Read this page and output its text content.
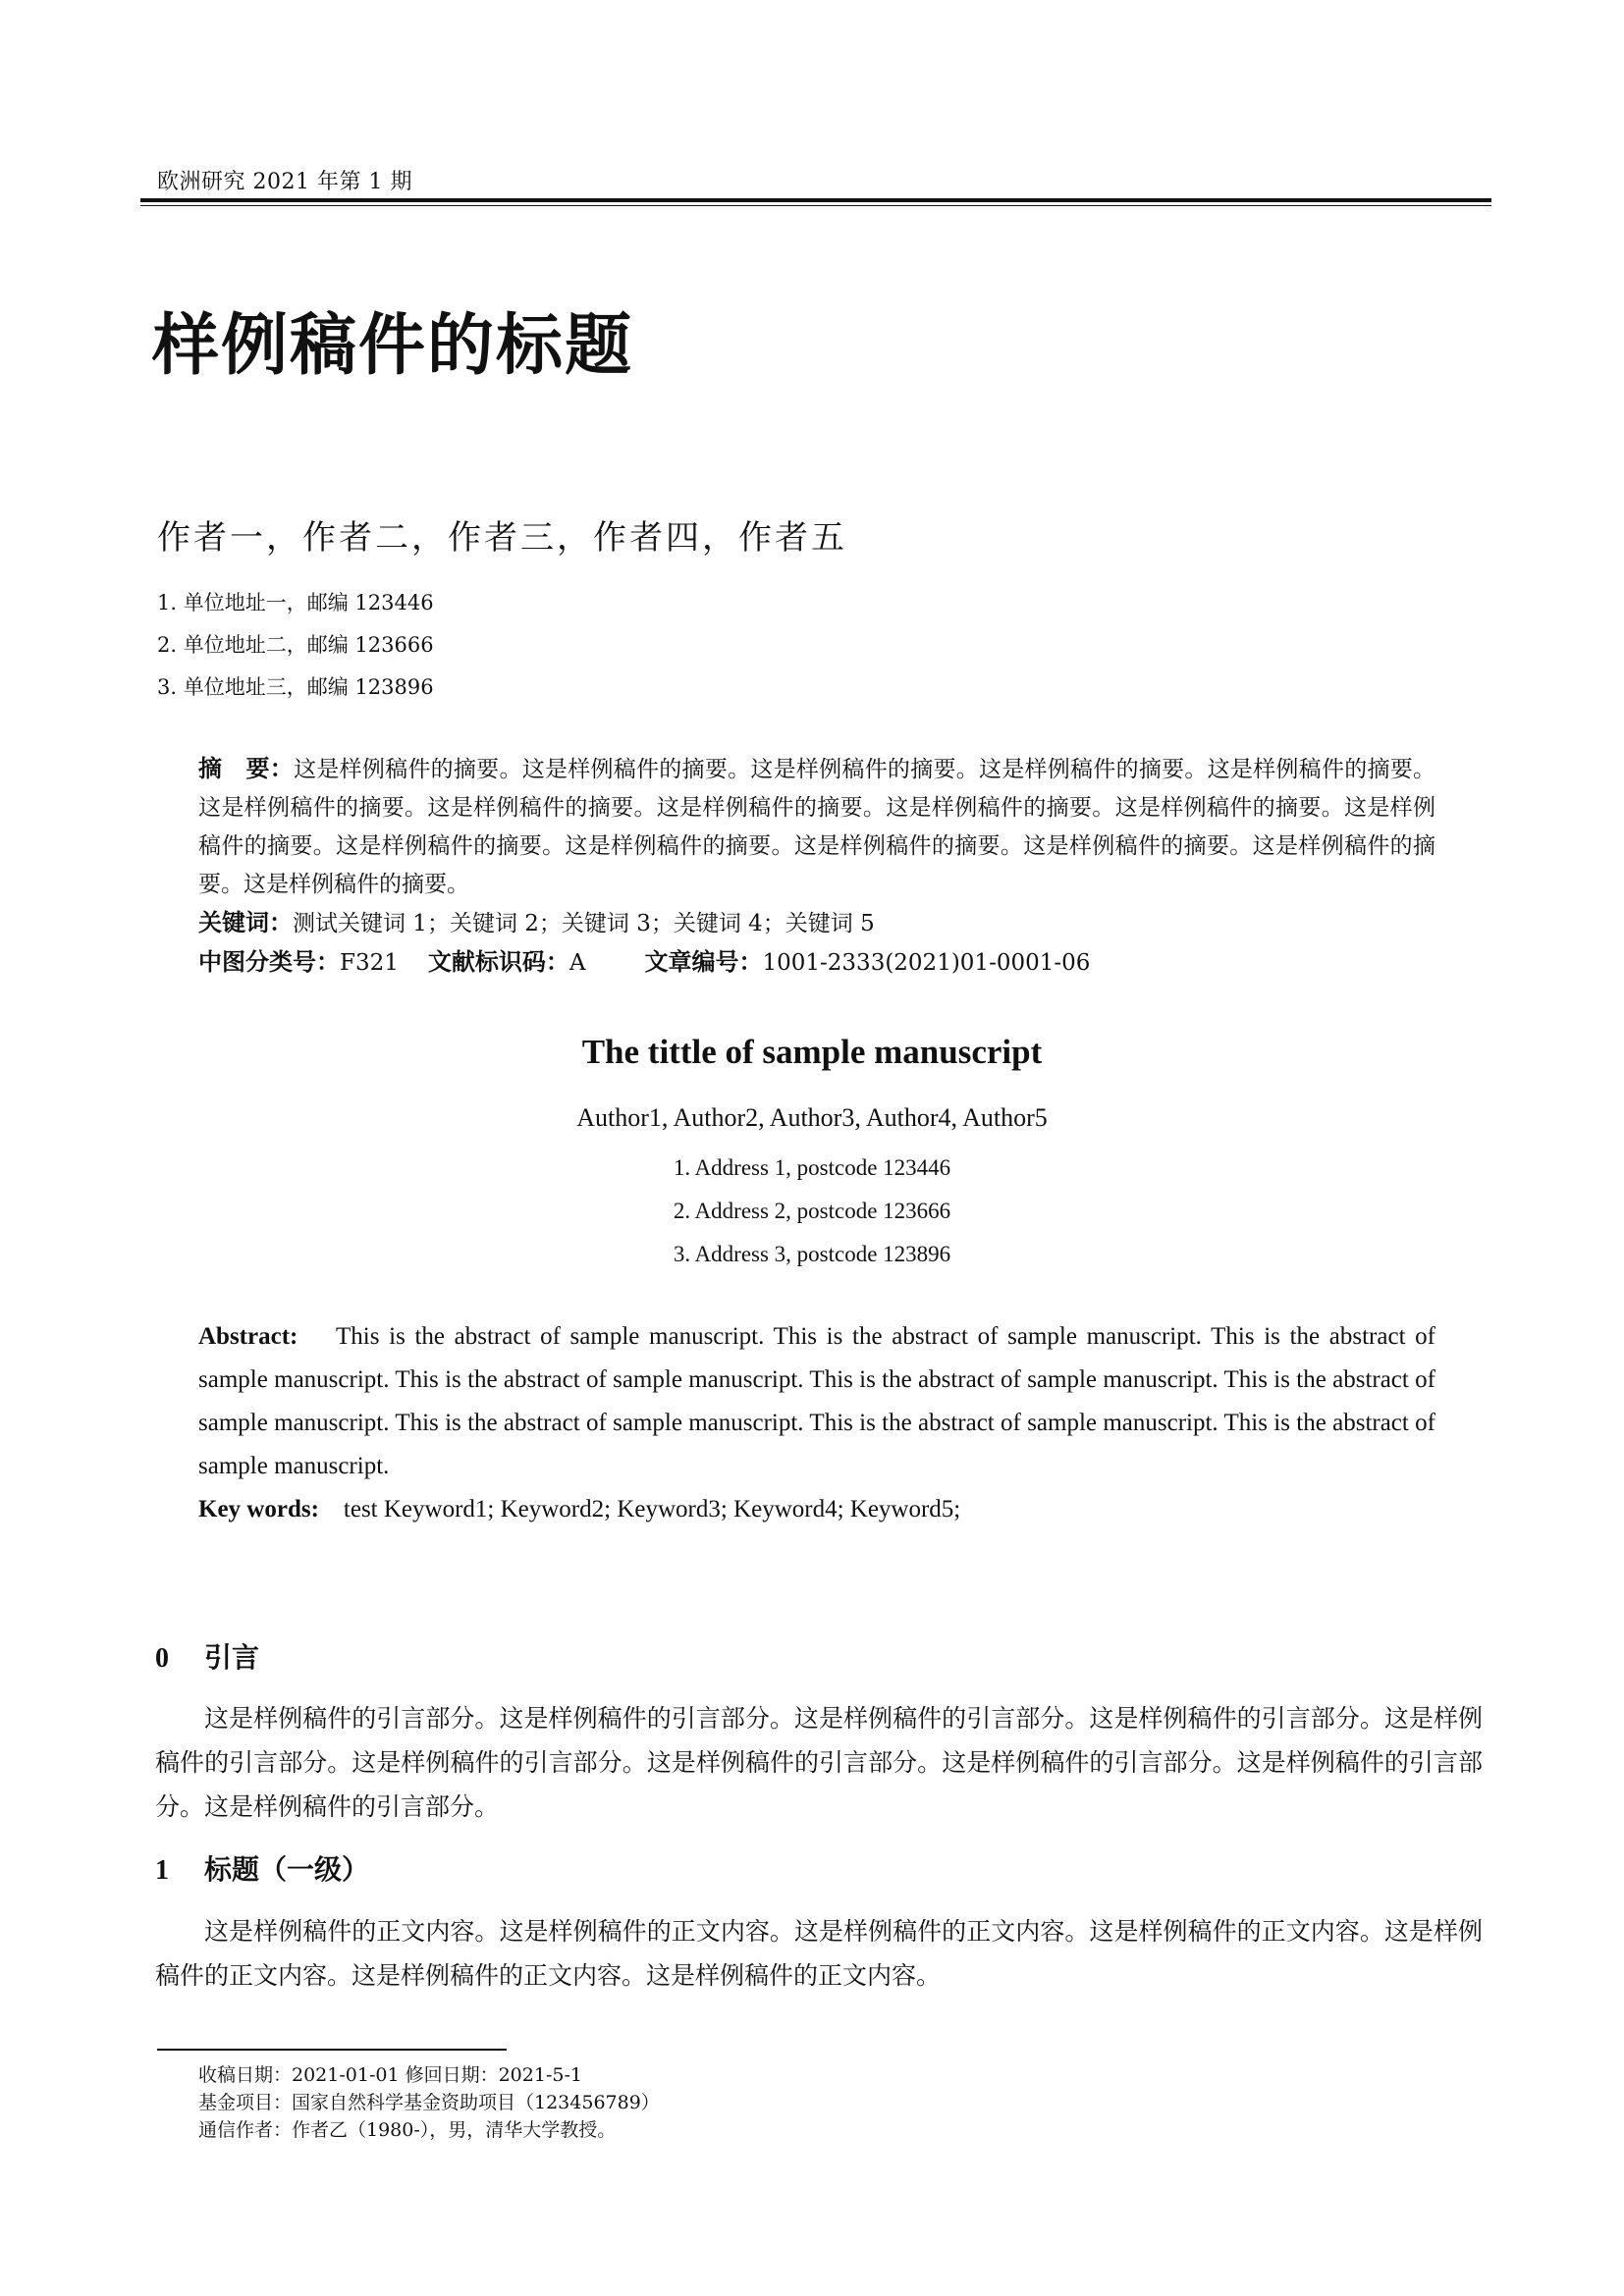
欧洲研究 2021 年第 1 期
样例稿件的标题
作者一，作者二，作者三，作者四，作者五
1. 单位地址一，邮编 123446
2. 单位地址二，邮编 123666
3. 单位地址三，邮编 123896

摘　要：这是样例稿件的摘要。这是样例稿件的摘要。这是样例稿件的摘要。这是样例稿件的摘要。这是样例稿件的摘要。这是样例稿件的摘要。这是样例稿件的摘要。这是样例稿件的摘要。这是样例稿件的摘要。这是样例稿件的摘要。这是样例稿件的摘要。这是样例稿件的摘要。这是样例稿件的摘要。这是样例稿件的摘要。这是样例稿件的摘要。这是样例稿件的摘要。这是样例稿件的摘要。

关键词：测试关键词 1；关键词 2；关键词 3；关键词 4；关键词 5

中图分类号：F321 文献标识码：A	文章编号：1001-2333(2021)01-0001-06

The tittle of sample manuscript
Author1, Author2, Author3, Author4, Author5
1. Address 1, postcode 123446
2. Address 2, postcode 123666
3. Address 3, postcode 123896

Abstract: This is the abstract of sample manuscript. This is the abstract of sample manuscript. This is the abstract of sample manuscript. This is the abstract of sample manuscript. This is the abstract of sample manuscript. This is the abstract of sample manuscript. This is the abstract of sample manuscript. This is the abstract of sample manuscript. This is the abstract of sample manuscript.

Key words: test Keyword1; Keyword2; Keyword3; Keyword4; Keyword5;

0 引言

这是样例稿件的引言部分。这是样例稿件的引言部分。这是样例稿件的引言部分。这是样例稿件的引言部分。这是样例稿件的引言部分。这是样例稿件的引言部分。这是样例稿件的引言部分。这是样例稿件的引言部分。这是样例稿件的引言部分。这是样例稿件的引言部分。

1 标题（一级）

这是样例稿件的正文内容。这是样例稿件的正文内容。这是样例稿件的正文内容。这是样例稿件的正文内容。这是样例稿件的正文内容。这是样例稿件的正文内容。这是样例稿件的正文内容。

收稿日期：2021-01-01 修回日期：2021-5-1
基金项目：国家自然科学基金资助项目（123456789）
通信作者：作者乙（1980-），男，清华大学教授。
